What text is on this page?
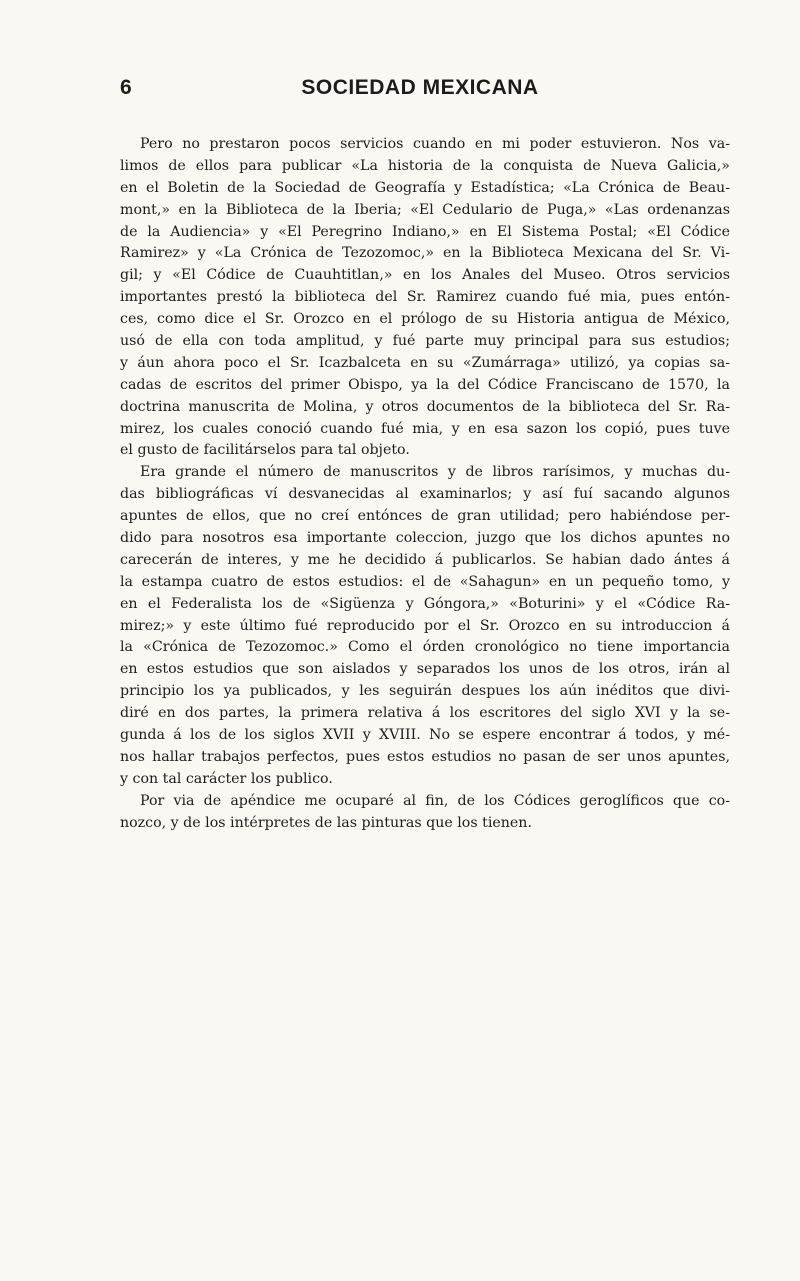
6	SOCIEDAD MEXICANA
Pero no prestaron pocos servicios cuando en mi poder estuvieron. Nos va-
limos de ellos para publicar «La historia de la conquista de Nueva Galicia,»
en el Boletin de la Sociedad de Geografía y Estadística; «La Crónica de Beau-
mont,» en la Biblioteca de la Iberia; «El Cedulario de Puga,» «Las ordenanzas
de la Audiencia» y «El Peregrino Indiano,» en El Sistema Postal; «El Códice
Ramirez» y «La Crónica de Tezozomoc,» en la Biblioteca Mexicana del Sr. Vi-
gil; y «El Códice de Cuauhtitlan,» en los Anales del Museo. Otros servicios
importantes prestó la biblioteca del Sr. Ramirez cuando fué mia, pues entón-
ces, como dice el Sr. Orozco en el prólogo de su Historia antigua de México,
usó de ella con toda amplitud, y fué parte muy principal para sus estudios;
y áun ahora poco el Sr. Icazbalceta en su «Zumárraga» utilizó, ya copias sa-
cadas de escritos del primer Obispo, ya la del Códice Franciscano de 1570, la
doctrina manuscrita de Molina, y otros documentos de la biblioteca del Sr. Ra-
mirez, los cuales conoció cuando fué mia, y en esa sazon los copió, pues tuve
el gusto de facilitárselos para tal objeto.
Era grande el número de manuscritos y de libros rarísimos, y muchas du-
das bibliográficas ví desvanecidas al examinarlos; y así fuí sacando algunos
apuntes de ellos, que no creí entónces de gran utilidad; pero habiéndose per-
dido para nosotros esa importante coleccion, juzgo que los dichos apuntes no
carecerán de interes, y me he decidido á publicarlos. Se habian dado ántes á
la estampa cuatro de estos estudios: el de «Sahagun» en un pequeño tomo, y
en el Federalista los de «Sigüenza y Góngora,» «Boturini» y el «Códice Ra-
mirez;» y este último fué reproducido por el Sr. Orozco en su introduccion á
la «Crónica de Tezozomoc.» Como el órden cronológico no tiene importancia
en estos estudios que son aislados y separados los unos de los otros, irán al
principio los ya publicados, y les seguirán despues los aún inéditos que divi-
diré en dos partes, la primera relativa á los escritores del siglo XVI y la se-
gunda á los de los siglos XVII y XVIII. No se espere encontrar á todos, y mé-
nos hallar trabajos perfectos, pues estos estudios no pasan de ser unos apuntes,
y con tal carácter los publico.
Por via de apéndice me ocuparé al fin, de los Códices geroglíficos que co-
nozco, y de los intérpretes de las pinturas que los tienen.
